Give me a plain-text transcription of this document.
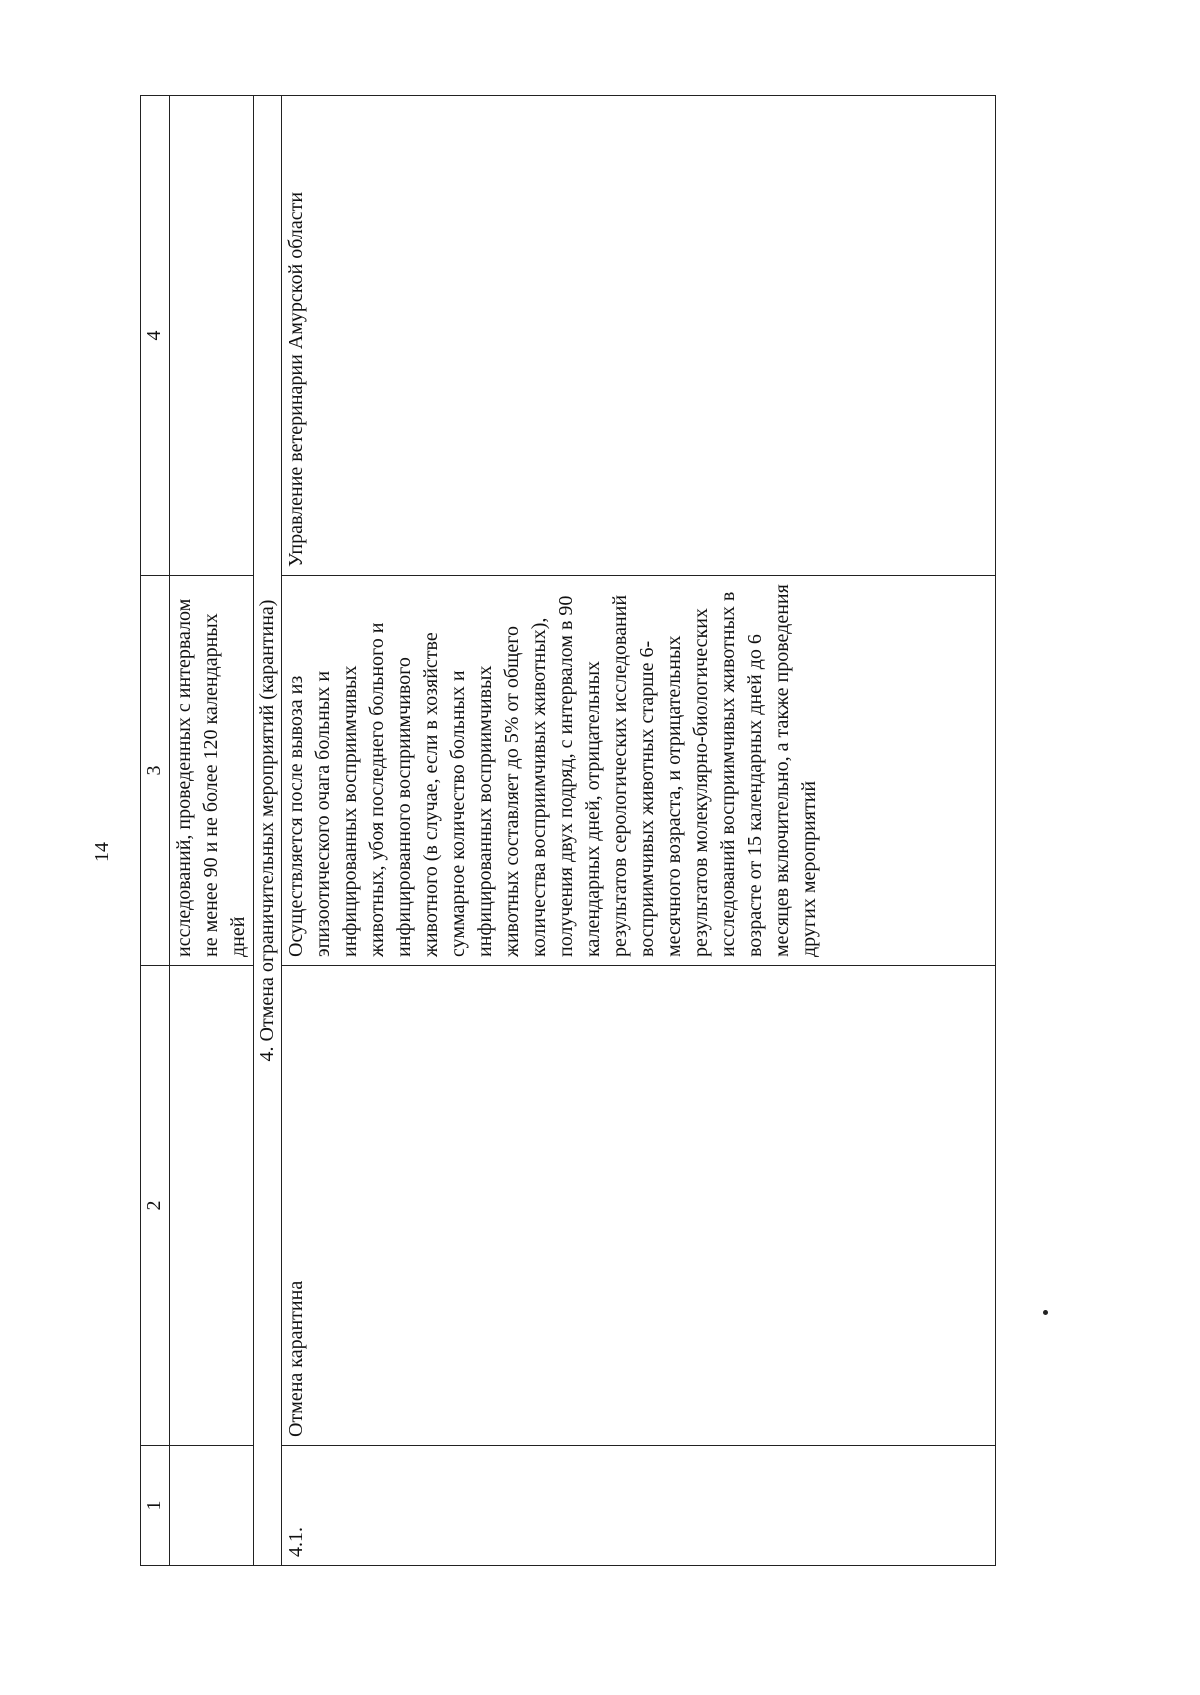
14
1	2	3	4
		исследований, проведенных с интервалом не менее 90 и не более 120 календарных дней	
4. Отмена ограничительных мероприятий (карантина)			
4.1.	Отмена карантина	Осуществляется после вывоза из эпизоотического очага больных и инфицированных восприимчивых животных, убоя последнего больного и инфицированного восприимчивого животного (в случае, если в хозяйстве суммарное количество больных и инфицированных восприимчивых животных составляет до 5% от общего количества восприимчивых животных), получения двух подряд, с интервалом в 90 календарных дней, отрицательных результатов серологических исследований восприимчивых животных старше 6-месячного возраста, и отрицательных результатов молекулярно-биологических исследований восприимчивых животных в возрасте от 15 календарных дней до 6 месяцев включительно, а также проведения других мероприятий	Управление ветеринарии Амурской области
